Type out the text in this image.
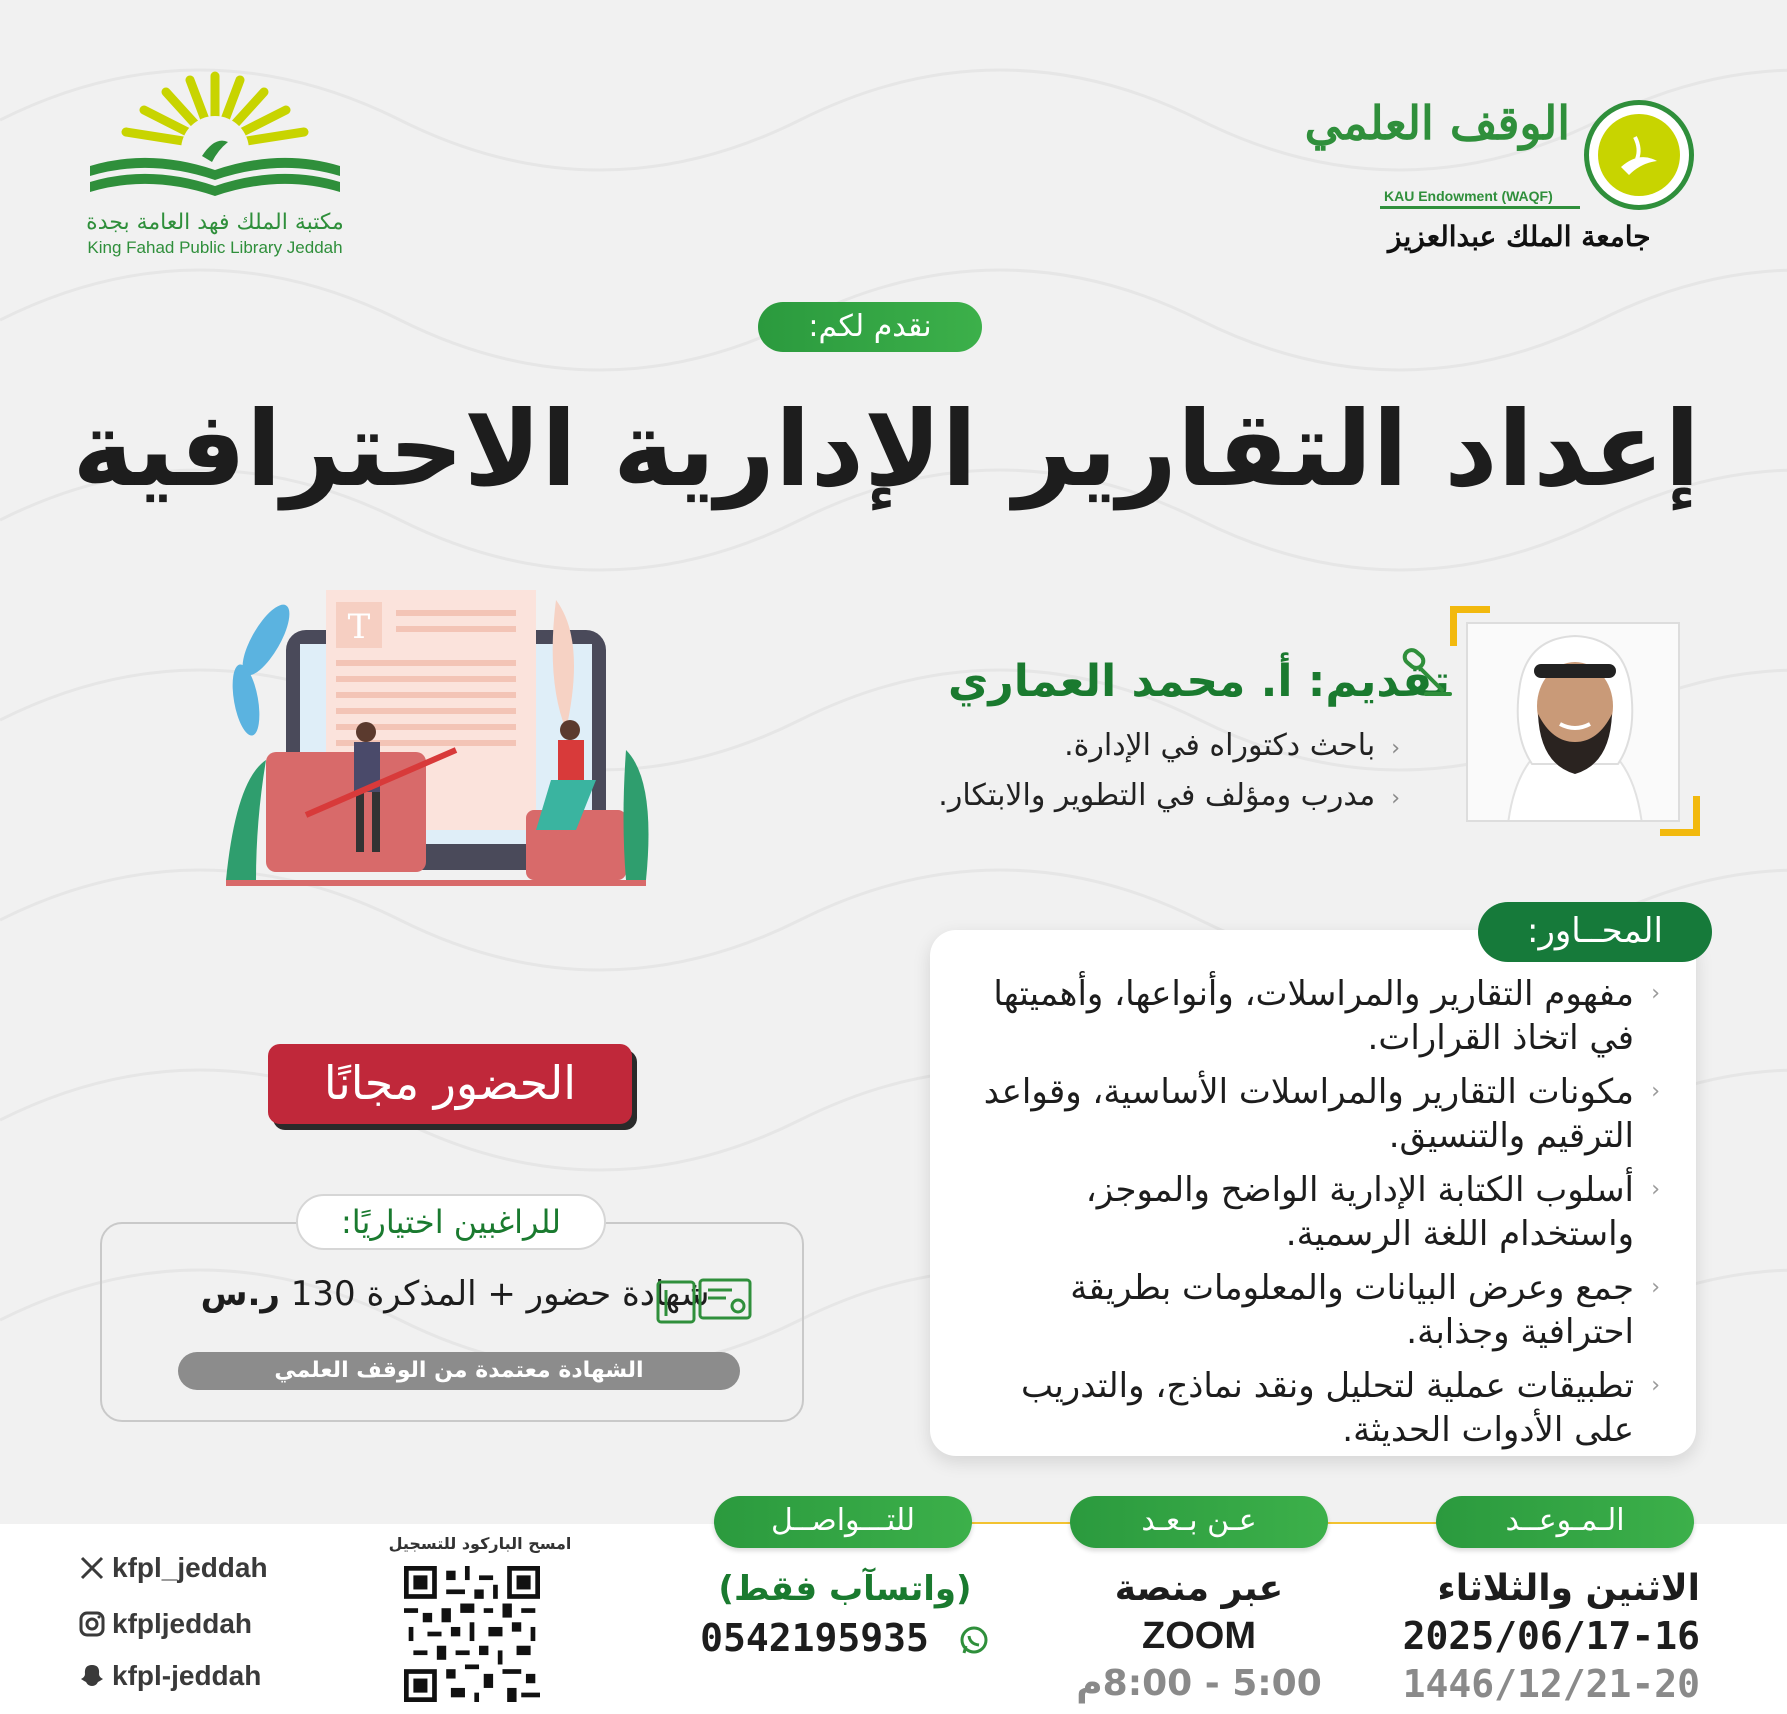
مكتبة الملك فهد العامة بجدة
King Fahad Public Library Jeddah
الوقف العلمي
KAU Endowment (WAQF)
جامعة الملك عبدالعزيز
نقدم لكم:
إعداد التقارير الإدارية الاحترافية
T
تقديم: أ. محمد العماري
‹باحث دكتوراه في الإدارة.
‹مدرب ومؤلف في التطوير والابتكار.
الحضور مجانًا
للراغبين اختياريًا:
شهادة حضور + المذكرة 130 ر.س
الشهادة معتمدة من الوقف العلمي
المحــاور:
‹
مفهوم التقارير والمراسلات، وأنواعها، وأهميتها في اتخاذ القرارات.
‹
مكونات التقارير والمراسلات الأساسية، وقواعد الترقيم والتنسيق.
‹
أسلوب الكتابة الإدارية الواضح والموجز، واستخدام اللغة الرسمية.
‹
جمع وعرض البيانات والمعلومات بطريقة احترافية وجذابة.
‹
تطبيقات عملية لتحليل ونقد نماذج، والتدريب على الأدوات الحديثة.
الـمـوعــد
عـن بـعـد
للتـــواصــل
الاثنين والثلاثاء
2025/06/17-16
1446/12/21-20
عبر منصة
ZOOM
5:00 - 8:00م
(واتسآب فقط)
0542195935
امسح الباركود للتسجيل
kfpl_jeddah
kfpljeddah
kfpl-jeddah
